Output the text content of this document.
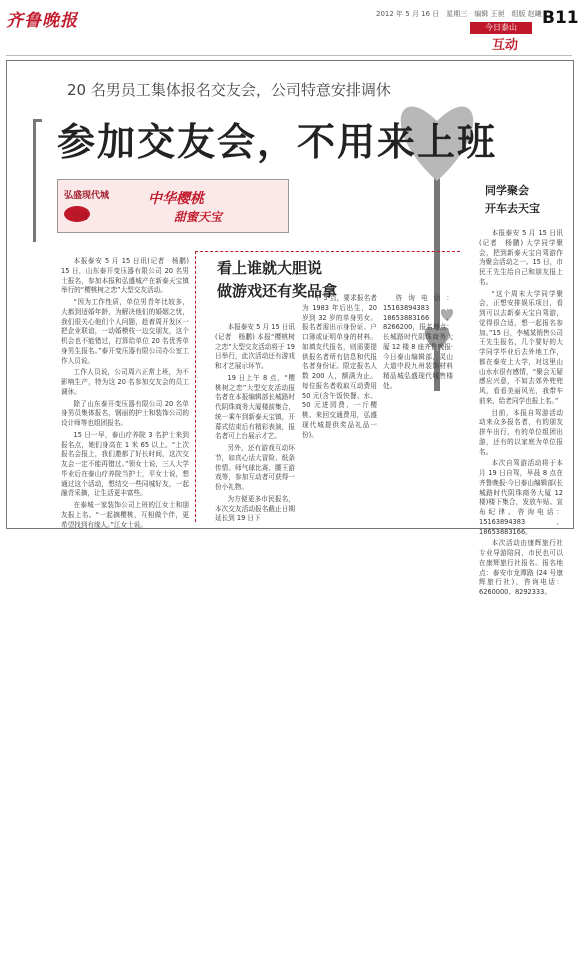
齐鲁晚报	2012 年 5 月 16 日　星期三　编辑 王昶　组版 赵曦
今日泰山
互动
B11
20 名男员工集体报名交友会，公司特意安排调休
参加交友会，不用来上班
弘盛现代城
空间
中华樱桃
甜蜜天宝

本报泰安 5 月 15 日讯(记者　杨鹏) 15 日，山东泰开变压器有限公司 20 名男士报名，参加本报和弘盛城产在新泰天宝镇举行的“樱桃树之恋”大型交友活动。

“因为工作性质，单位男青年比较多，大都到适婚年龄，为解决他们的婚姻之忧，我们很关心他们个人问题，趁着周开发区一把企业联谊，一动婚模枝一边交朋友，这个机会也不能错过，打算给单位 20 名优秀单身男生报名。”泰开变压器有限公司办公室工作人员说。

工作人员说，公司周六正常上班，为不影响生产，特为这 20 名参加交友会的员工调休。

除了山东泰开变压器有限公司 20 名单身男员集体报名，钢丽的护士和装饰公司的设计师等也组团报名。

15 日一早，泰山疗养院 3 名护士来到报名点，她们身高在 1 米 65 以上。“上次报名会报上，我们邀都了好长时间，这次交友会一定不能再错过。”领女士说，三人大学毕业后在泰山疗养院当护士，平女士说，想通过这个活动，想结交一些同城好友，一起融青采摘，让生活更丰富些。

在泰城一家装饰公司上班的江女士和朋友报上名。“一起摘樱桃，互相做个伴，更希望找到有缘人。”江女士说。

看上谁就大胆说
做游戏还有奖品拿

本报泰安 5 月 15 日讯(记者　杨鹏) 本报“樱桃树之恋”大型交友活动将于 19 日举行，此次活动还有游戏和才艺展示环节。

19 日上午 8 点，“樱桃树之恋”大型交友活动报名者在本报编辑部长城路时代阴珠商务大厦楼前集合，统一乘车到新泰天宝镇，开幕式结束后有精彩表演，报名者可上台展示才艺。

另外，还有游戏互动环节，如真心话大冒险、纸条传情、师气球比赛、腰王游戏等，参加互动者可获得一份小礼物。

为方便更多市民报名，本次交友活动报名截止日期延长到 19 日下

午 5 点，要求报名者为 1983 年后出生，20 岁到 32 岁的单身男女。报名者需出示身份证、户口簿或证明单身的材料。如填友代报名，则需要提供报名者所有信息和代报名者身份证。限定报名人数 200 人，额满为止。每位报名者收取互动费用 50 元(含午饭快餐、水、50 元进园费、一斤樱桃、来回交通费用，弘盛现代城提供奖品礼品一份)。

咨询电话：15163894383、18653883166、8266200，报名地点：长城路时代阴珠商务大厦 12 楼 8 座齐鲁晚报·今日泰山编辑部，灵山大道中段九州装饰材料精品城弘盛现代城售楼处。

同学聚会
开车去天宝

本报泰安 5 月 15 日讯(记者　杨鹏) 大学同学聚会，把到新泰天宝自驾游作为聚会活动之一。15 日，市民王先生给自己和朋友报上名。

“这个周末大学同学聚会，正想安排娱乐项目，看到可以去新泰天宝自驾游，觉得很合适，想一起报名参加。”15 日，李城某销售公司王先生报名，几个要好的大学同学毕业后去外地工作，都在泰安上大学，对这里山山水水很有感情，“聚会无疑感应兴意，不如去郊外兜兜风，看看美丽风光，我带车前来，给老同学也报上名。”

目前，本报自驾游活动动来众多报名者，有的朋友拼车出行，有的单位组团出游，还有的以家庭为单位报名。

本次自驾游活动将于本月 19 日自驾，早晨 8 点在齐鲁晚报·今日泰山编辑部(长城路时代阴珠商务大厦 12 楼)楼下集合，发放车贴、宣布纪律。咨询电话：15163894383、18653883166。

本次活动由康辉旅行社专业导游陪同，市民也可以在康辉旅行社报名。报名地点：泰安市龙潭路 (24 号康辉旅行社)，咨询电话：6260000、8292333。
